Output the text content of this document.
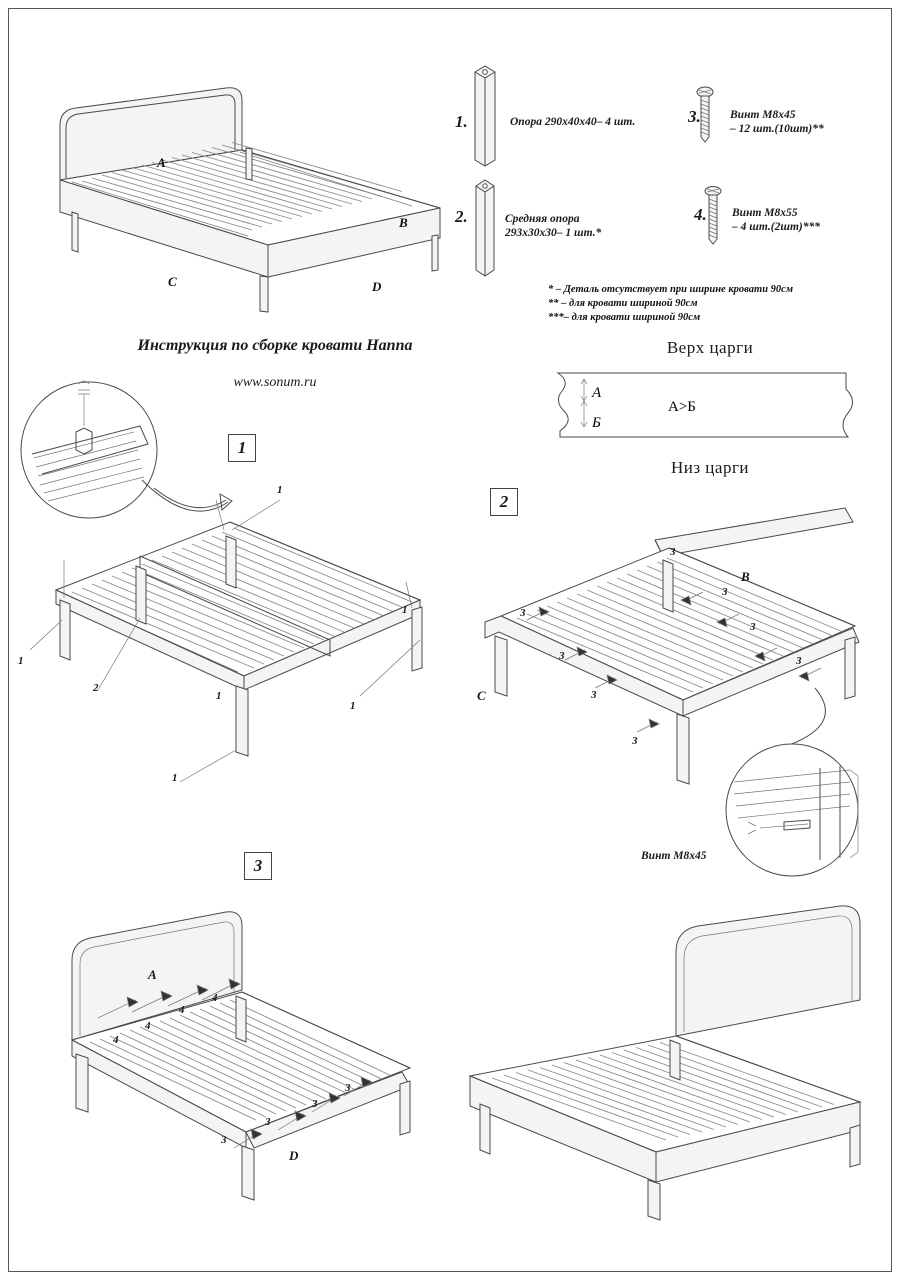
A
B
C	D
1.	Опора 290х40х40– 4 шт.
2.	Средняя опора
293х30х30– 1 шт.*
3.	Винт М8х45
– 12 шт.(10шт)**
4. Винт М8х55
– 4 шт.(2шт)***
* – Деталь отсутствует при ширине кровати 90см
** – для кровати шириной 90см
***– для кровати шириной 90см
Инструкция по сборке кровати Наппа
www.sonum.ru
Верх царги
А
Б
А>Б
Низ царги
1
1
1
1
1
1
2
1
2
B
C
3
3
3
3
3
3
3
3
Винт М8х45
3
A
D
4
4
4
4
3
3
3
3
